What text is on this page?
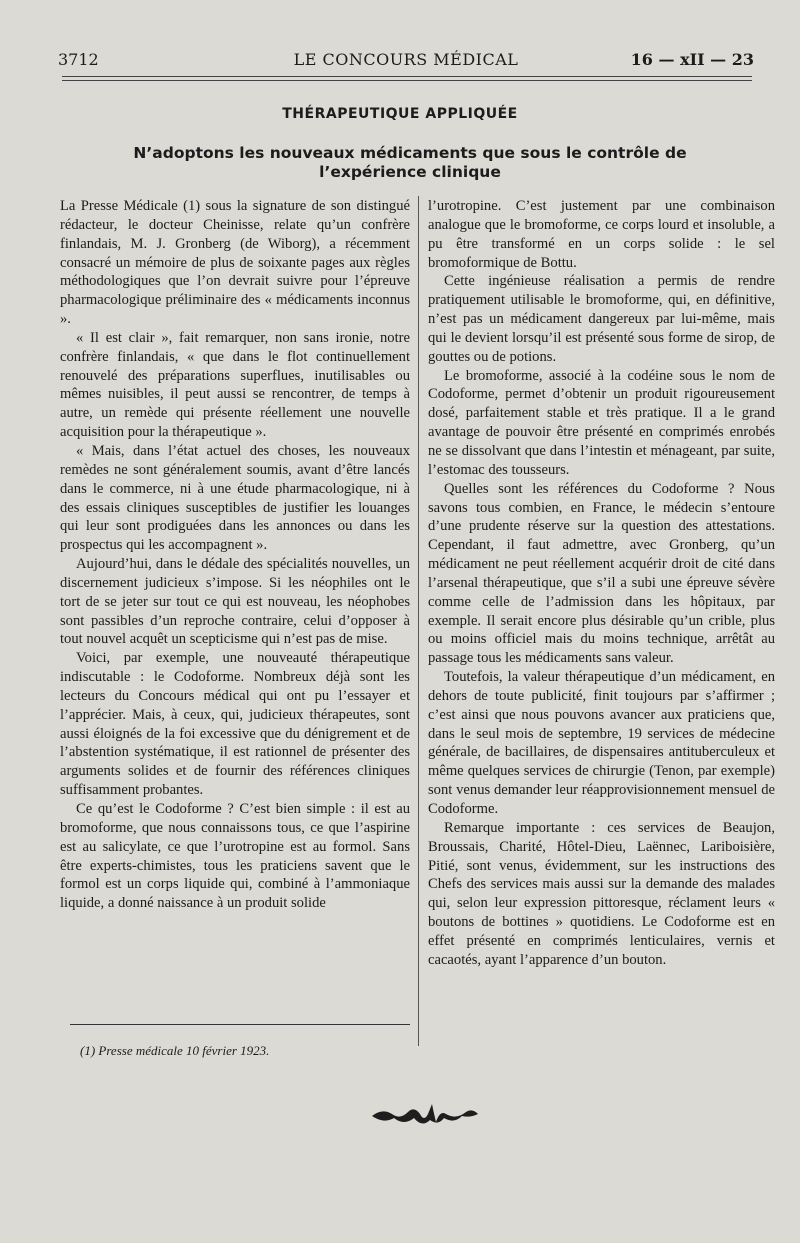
3712	LE CONCOURS MÉDICAL	16 — xII — 23
THÉRAPEUTIQUE APPLIQUÉE
N’adoptons les nouveaux médicaments que sous le contrôle de l’expérience clinique

La Presse Médicale (1) sous la signature de son distingué rédacteur, le docteur Cheinisse, relate qu’un confrère finlandais, M. J. Gronberg (de Wiborg), a récemment consacré un mémoire de plus de soixante pages aux règles méthodologiques que l’on devrait suivre pour l’épreuve pharmacologique préliminaire des « médicaments inconnus ».

« Il est clair », fait remarquer, non sans ironie, notre confrère finlandais, « que dans le flot continuellement renouvelé des préparations superflues, inutilisables ou mêmes nuisibles, il peut aussi se rencontrer, de temps à autre, un remède qui présente réellement une nouvelle acquisition pour la thérapeutique ».

« Mais, dans l’état actuel des choses, les nouveaux remèdes ne sont généralement soumis, avant d’être lancés dans le commerce, ni à une étude pharmacologique, ni à des essais cliniques susceptibles de justifier les louanges qui leur sont prodiguées dans les annonces ou dans les prospectus qui les accompagnent ».

Aujourd’hui, dans le dédale des spécialités nouvelles, un discernement judicieux s’impose. Si les néophiles ont le tort de se jeter sur tout ce qui est nouveau, les néophobes sont passibles d’un reproche contraire, celui d’opposer à tout nouvel acquêt un scepticisme qui n’est pas de mise.

Voici, par exemple, une nouveauté thérapeutique indiscutable : le Codoforme. Nombreux déjà sont les lecteurs du Concours médical qui ont pu l’essayer et l’apprécier. Mais, à ceux, qui, judicieux thérapeutes, sont aussi éloignés de la foi excessive que du dénigrement et de l’abstention systématique, il est rationnel de présenter des arguments solides et de fournir des références cliniques suffisamment probantes.

Ce qu’est le Codoforme ? C’est bien simple : il est au bromoforme, que nous connaissons tous, ce que l’aspirine est au salicylate, ce que l’urotropine est au formol. Sans être experts-chimistes, tous les praticiens savent que le formol est un corps liquide qui, combiné à l’ammoniaque liquide, a donné naissance à un produit solide

l’urotropine. C’est justement par une combinaison analogue que le bromoforme, ce corps lourd et insoluble, a pu être transformé en un corps solide : le sel bromoformique de Bottu.

Cette ingénieuse réalisation a permis de rendre pratiquement utilisable le bromoforme, qui, en définitive, n’est pas un médicament dangereux par lui-même, mais qui le devient lorsqu’il est présenté sous forme de sirop, de gouttes ou de potions.

Le bromoforme, associé à la codéine sous le nom de Codoforme, permet d’obtenir un produit rigoureusement dosé, parfaitement stable et très pratique. Il a le grand avantage de pouvoir être présenté en comprimés enrobés ne se dissolvant que dans l’intestin et ménageant, par suite, l’estomac des tousseurs.

Quelles sont les références du Codoforme ? Nous savons tous combien, en France, le médecin s’entoure d’une prudente réserve sur la question des attestations. Cependant, il faut admettre, avec Gronberg, qu’un médicament ne peut réellement acquérir droit de cité dans l’arsenal thérapeutique, que s’il a subi une épreuve sévère comme celle de l’admission dans les hôpitaux, par exemple. Il serait encore plus désirable qu’un crible, plus ou moins officiel mais du moins technique, arrêtât au passage tous les médicaments sans valeur.

Toutefois, la valeur thérapeutique d’un médicament, en dehors de toute publicité, finit toujours par s’affirmer ; c’est ainsi que nous pouvons avancer aux praticiens que, dans le seul mois de septembre, 19 services de médecine générale, de bacillaires, de dispensaires antituberculeux et même quelques services de chirurgie (Tenon, par exemple) sont venus demander leur réapprovisionnement mensuel de Codoforme.

Remarque importante : ces services de Beaujon, Broussais, Charité, Hôtel-Dieu, Laënnec, Lariboisière, Pitié, sont venus, évidemment, sur les instructions des Chefs des services mais aussi sur la demande des malades qui, selon leur expression pittoresque, réclament leurs « boutons de bottines » quotidiens. Le Codoforme est en effet présenté en comprimés lenticulaires, vernis et cacaotés, ayant l’apparence d’un bouton.

(1) Presse médicale 10 février 1923.
